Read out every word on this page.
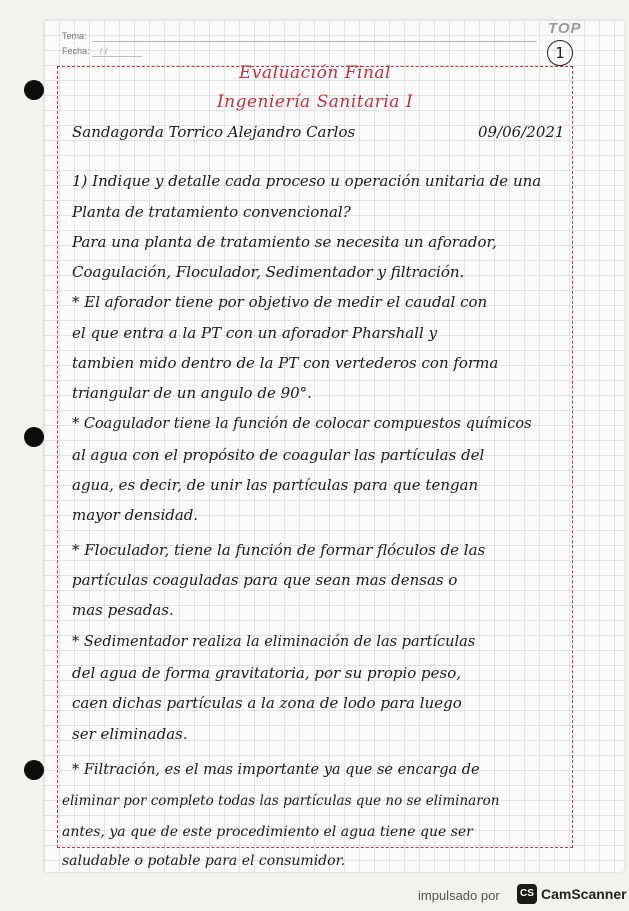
Tema:
Fecha: / /
TOP
1
Evaluación Final
Ingeniería Sanitaria I
Sandagorda Torrico Alejandro Carlos	09/06/2021
1) Indique y detalle cada proceso u operación unitaria de una
Planta de tratamiento convencional?
Para una planta de tratamiento se necesita un aforador,
Coagulación, Floculador, Sedimentador y filtración.
* El aforador tiene por objetivo de medir el caudal con
el que entra a la PT con un aforador Pharshall y
tambien mido dentro de la PT con vertederos con forma
triangular de un angulo de 90°.
* Coagulador tiene la función de colocar compuestos químicos
al agua con el propósito de coagular las partículas del
agua, es decir, de unir las partículas para que tengan
mayor densidad.
* Floculador, tiene la función de formar flóculos de las
partículas coaguladas para que sean mas densas o
mas pesadas.
* Sedimentador realiza la eliminación de las partículas
del agua de forma gravitatoria, por su propio peso,
caen dichas partículas a la zona de lodo para luego
ser eliminadas.
* Filtración, es el mas importante ya que se encarga de
eliminar por completo todas las partículas que no se eliminaron
antes, ya que de este procedimiento el agua tiene que ser
saludable o potable para el consumidor.
impulsado por	CS CamScanner
